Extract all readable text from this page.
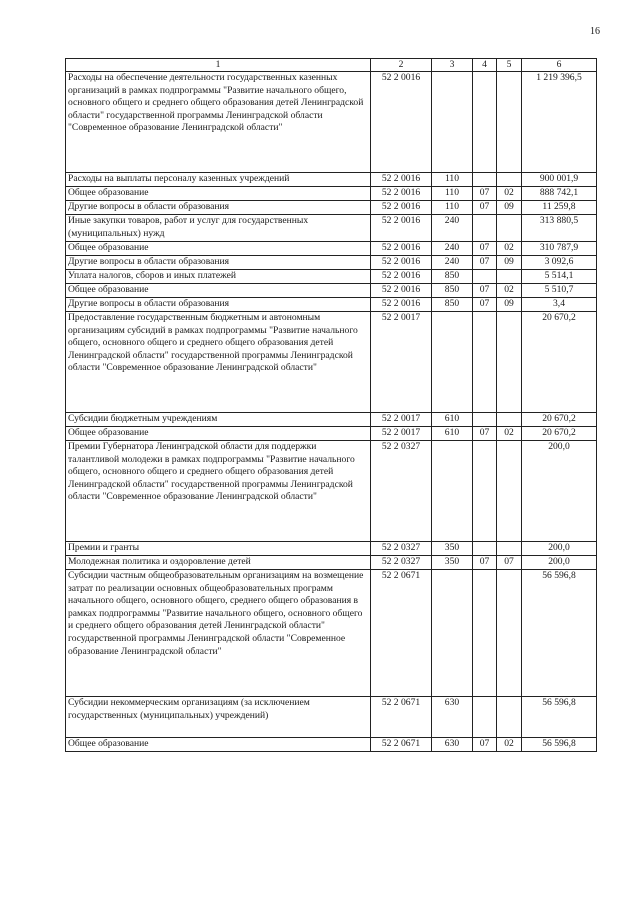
16
1	2	3	4	5	6
Расходы на обеспечение деятельности государственных казенных организаций в рамках подпрограммы "Развитие начального общего, основного общего и среднего общего образования детей Ленинградской области" государственной программы Ленинградской области "Современное образование Ленинградской области"	52 2 0016				1 219 396,5
Расходы на выплаты персоналу казенных учреждений	52 2 0016	110			900 001,9
Общее образование	52 2 0016	110	07	02	888 742,1
Другие вопросы в области образования	52 2 0016	110	07	09	11 259,8
Иные закупки товаров, работ и услуг для государственных (муниципальных) нужд	52 2 0016	240			313 880,5
Общее образование	52 2 0016	240	07	02	310 787,9
Другие вопросы в области образования	52 2 0016	240	07	09	3 092,6
Уплата налогов, сборов и иных платежей	52 2 0016	850			5 514,1
Общее образование	52 2 0016	850	07	02	5 510,7
Другие вопросы в области образования	52 2 0016	850	07	09	3,4
Предоставление государственным бюджетным и автономным организациям субсидий в рамках подпрограммы "Развитие начального общего, основного общего и среднего общего образования детей Ленинградской области" государственной программы Ленинградской области "Современное образование Ленинградской области"	52 2 0017				20 670,2
Субсидии бюджетным учреждениям	52 2 0017	610			20 670,2
Общее образование	52 2 0017	610	07	02	20 670,2
Премии Губернатора Ленинградской области для поддержки талантливой молодежи в рамках подпрограммы "Развитие начального общего, основного общего и среднего общего образования детей Ленинградской области" государственной программы Ленинградской области "Современное образование Ленинградской области"	52 2 0327				200,0
Премии и гранты	52 2 0327	350			200,0
Молодежная политика и оздоровление детей	52 2 0327	350	07	07	200,0
Субсидии частным общеобразовательным организациям на возмещение затрат по реализации основных общеобразовательных программ начального общего, основного общего, среднего общего образования в рамках подпрограммы "Развитие начального общего, основного общего и среднего общего образования детей Ленинградской области" государственной программы Ленинградской области "Современное образование Ленинградской области"	52 2 0671				56 596,8
Субсидии некоммерческим организациям (за исключением государственных (муниципальных) учреждений)	52 2 0671	630			56 596,8
Общее образование	52 2 0671	630	07	02	56 596,8
